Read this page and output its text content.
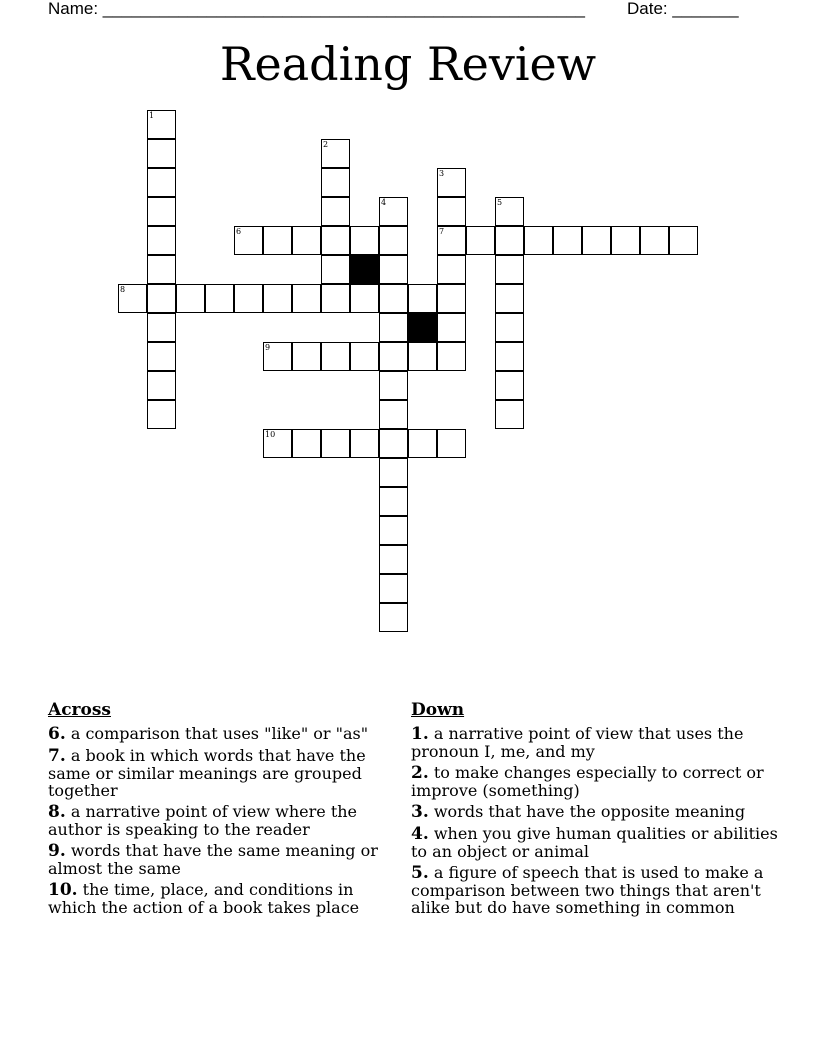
Name: ___________________________________________________ Date: _______
Reading Review
1
2
3
7
4	5
6
8
9
10
Across
6. a comparison that uses "like" or "as"
7. a book in which words that have the same or similar meanings are grouped together
8. a narrative point of view where the author is speaking to the reader
9. words that have the same meaning or almost the same
10. the time, place, and conditions in which the action of a book takes place
Down
1. a narrative point of view that uses the pronoun I, me, and my
2. to make changes especially to correct or improve (something)
3. words that have the opposite meaning
4. when you give human qualities or abilities to an object or animal
5. a figure of speech that is used to make a comparison between two things that aren't alike but do have something in common
